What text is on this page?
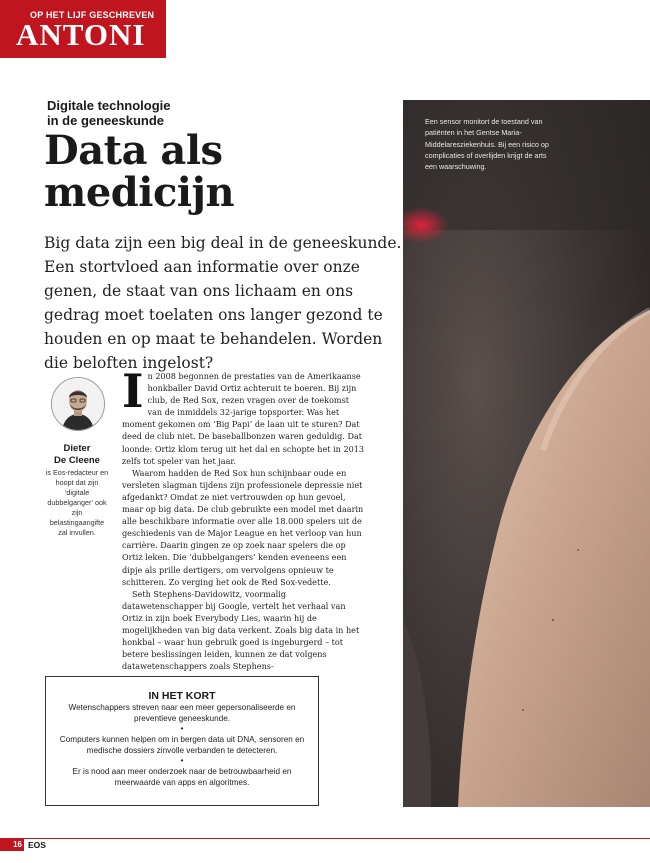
OP HET LIJF GESCHREVEN
ANTONI
Digitale technologie
in de geneeskunde
Data als
medicijn
Big data zijn een big deal in de geneeskunde. Een stortvloed aan informatie over onze genen, de staat van ons lichaam en ons gedrag moet toelaten ons langer gezond te houden en op maat te behandelen. Worden die beloften ingelost?
Dieter
De Cleene
is Eos-redacteur en hoopt dat zijn ‘digitale dubbelganger’ ook zijn belastingaangifte zal invullen.
I n 2008 begonnen de prestaties van de Amerikaanse honkballer David Ortiz achteruit te boeren. Bij zijn club, de Red Sox, rezen vragen over de toekomst van de inmiddels 32-jarige topsporter. Was het moment gekomen om ‘Big Papi’ de laan uit te sturen? Dat deed de club niet. De baseballbonzen waren geduldig. Dat loonde: Ortiz klom terug uit het dal en schopte het in 2013 zelfs tot speler van het jaar.

Waarom hadden de Red Sox hun schijnbaar oude en versleten slagman tijdens zijn professionele depressie niet afgedankt? Omdat ze niet vertrouwden op hun gevoel, maar op big data. De club gebruikte een model met daarin alle beschikbare informatie over alle 18.000 spelers uit de geschiedenis van de Major League en het verloop van hun carrière. Daarin gingen ze op zoek naar spelers die op Ortiz leken. Die ‘dubbelgangers’ kenden eveneens een dipje als prille dertigers, om vervolgens opnieuw te schitteren. Zo verging het ook de Red Sox-vedette.

Seth Stephens-Davidowitz, voormalig datawetenschapper bij Google, vertelt het verhaal van Ortiz in zijn boek Everybody Lies, waarin hij de mogelijkheden van big data verkent. Zoals big data in het honkbal – waar hun gebruik goed is ingeburgerd – tot betere beslissingen leiden, kunnen ze dat volgens datawetenschappers zoals Stephens-

IN HET KORT
Wetenschappers streven naar een meer gepersonaliseerde en preventieve geneeskunde.
•
Computers kunnen helpen om in bergen data uit DNA, sensoren en medische dossiers zinvolle verbanden te detecteren.
•
Er is nood aan meer onderzoek naar de betrouwbaarheid en meerwaarde van apps en algoritmes.
Een sensor monitort de toestand van patiënten in het Gentse Maria-Middelaresziekenhuis. Bij een risico op complicaties of overlijden krijgt de arts een waarschuwing.
16 EOS
